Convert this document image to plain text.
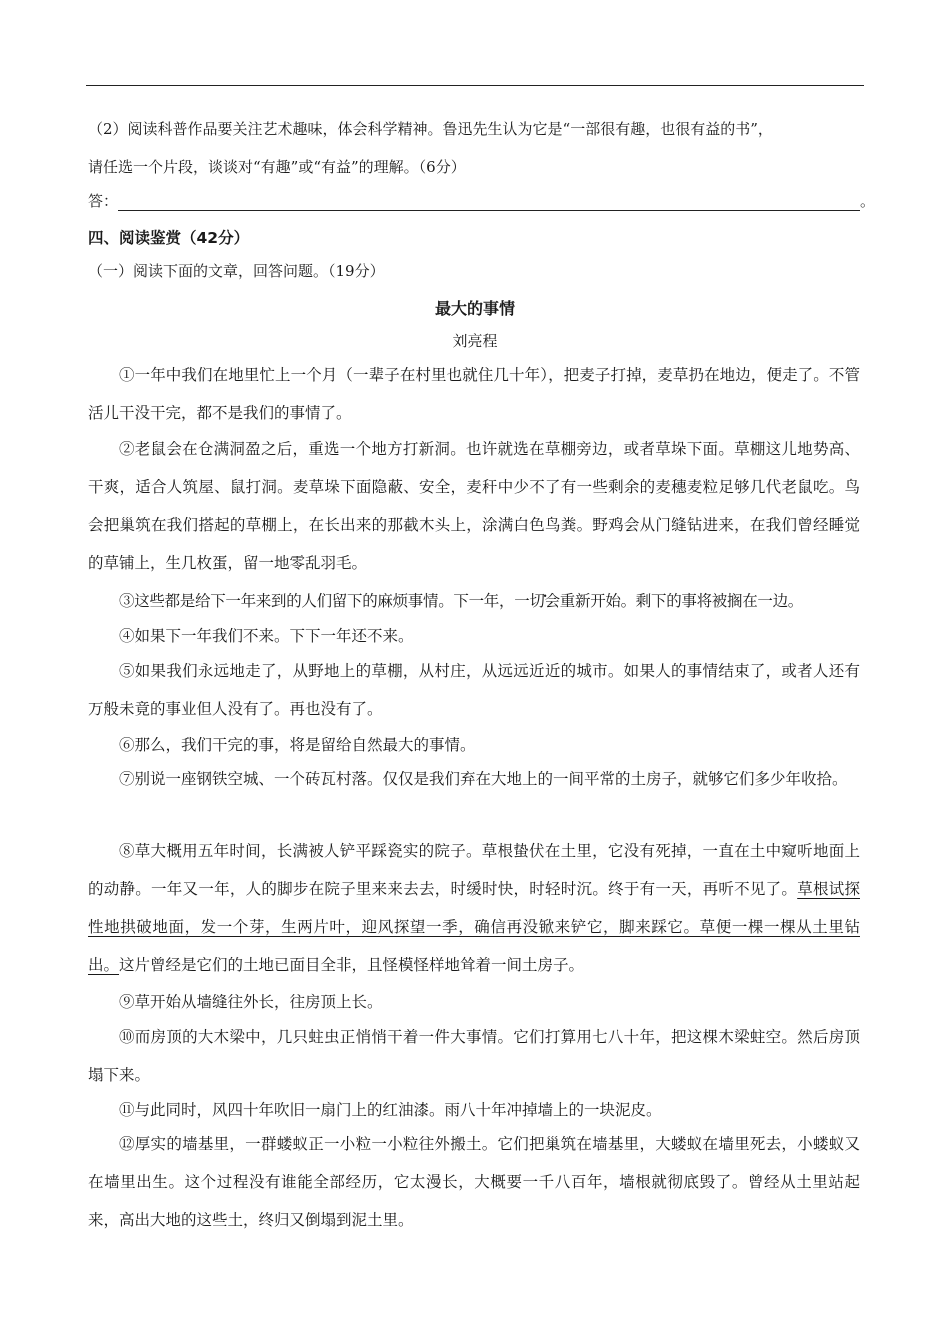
（2）阅读科普作品要关注艺术趣味，体会科学精神。鲁迅先生认为它是“一部很有趣，也很有益的书”，
请任选一个片段，谈谈对“有趣”或“有益”的理解。（6分）
答：	。
四、阅读鉴赏（42分）
（一）阅读下面的文章，回答问题。（19分）
最大的事情
刘亮程
①一年中我们在地里忙上一个月（一辈子在村里也就住几十年），把麦子打掉，麦草扔在地边，便走了。不管活儿干没干完，都不是我们的事情了。
②老鼠会在仓满洞盈之后，重选一个地方打新洞。也许就选在草棚旁边，或者草垛下面。草棚这儿地势高、干爽，适合人筑屋、鼠打洞。麦草垛下面隐蔽、安全，麦秆中少不了有一些剩余的麦穗麦粒足够几代老鼠吃。鸟会把巢筑在我们搭起的草棚上，在长出来的那截木头上，涂满白色鸟粪。野鸡会从门缝钻进来，在我们曾经睡觉的草铺上，生几枚蛋，留一地零乱羽毛。
③这些都是给下一年来到的人们留下的麻烦事情。下一年，• 一切会重新开始。剩下的事将被搁在一边。
④如果下一年我们不来。下下一年还不来。
⑤如果我们永远地走了，从野地上的草棚，从村庄，从远远近近的城市。如果人的事情结束了，或者人还有万般未竟的事业但人没有了。再也没有了。
⑥那么，我们干完的事，将是留给自然最大的事情。
⑦别说一座钢铁空城、一个砖瓦村落。仅仅是我们弃在大地上的一间平常的土房子，就够它们多少年收拾。
⑧草大概用五年时间，长满被人铲平踩瓷实的院子。草根蛰伏在土里，它没有死掉，一直在土中窥听地面上的动静。一年又一年，人的脚步在院子里来来去去，时缓时快，时轻时沉。终于有一天，再听不见了。草根试探性地拱破地面，发一个芽，生两片叶，迎风探望一季，确信再没锨来铲它，脚来踩它。草便一棵一棵从土里钻出。这片曾经是它们的土地已面目全非，且怪模怪样地耸着一间土房子。
⑨草开始从墙缝往外长，往房顶上长。
⑩而房顶的大木梁中，几只蛀虫正悄悄干着一件大事情。它们打算用七八十年，把这棵木梁蛀空。然后房顶塌下来。
⑪与此同时，风四十年吹旧一扇门上的红油漆。雨八十年冲掉墙上的一块泥皮。
⑫厚实的墙基里，一群蝼蚁正一小粒一小粒往外搬土。它们把巢筑在墙基里，大蝼蚁在墙里死去，小蝼蚁又在墙里出生。这个过程没有谁能全部经历，它太漫长，大概要一千八百年，墙根就彻底毁了。曾经从土里站起来，高出大地的这些土，终归又倒塌到泥土里。
